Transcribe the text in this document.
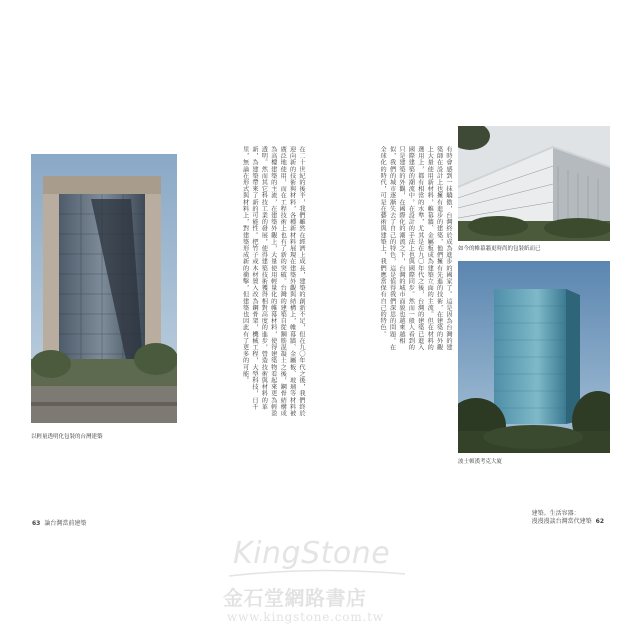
以輕量透明化包裝的台灣建築
在二十世紀的後半，我們雖然在經濟上成長，建築的創新不足，但在九〇年代之後，我們終於迎向新的技術與材料，各種新材料展現在建築外觀與結構上，帷幕牆、金屬板、玻璃等材料被廣泛地使用，而在工程技術上也有了新的突破。台灣的建築自從鋼筋混凝土之後，鋼骨結構成為高樓建築的主流，在建築外觀上，大量使用輕量化的帷幕材料，使得建築物看起來更為輕盈透明。然而其它科技工業的發展，使得建築技術獲得相對高度的進步，營造技術與材料的革新，為建築帶來了新的可能性。把竹子或木材置入改為鋼骨架，機械工程，大型科技，日千里，無論在形式與材料上，對建築形成新的衝擊，但建築也因此有了更多的可能。	有時會感到一抹驕傲，台灣終於成為進步的國家了。這是因為台灣的建築師在設計上也擁有進步的建築，他們擁有先進的技術，在建築的外觀上大量使用新材料，帷幕牆、金屬板成為建築立面的主流。但在材料的選用上，都有相當的水準，尤其是在九〇年代之後，台灣的建築已進入國際建築的潮流中，在設計的手法上也與國際同步。然而一般人看到的只是建築的外觀，在國際化的潮流之下，台灣的城市面貌也越來越相似，我們的城市逐漸失去了自己的特色，這是值得我們深思的問題。在全球化的時代，可是在藝術與建築上，我們應當保有自己的特色。	如今的帷幕牆更時尚的包裝紙而已
波士頓漢考克大廈
63 論台灣當前建築
建築。生活容器：
漫漫漫談台灣當代建築 62
KingStone
金石堂網路書店
www.kingstone.com.tw
